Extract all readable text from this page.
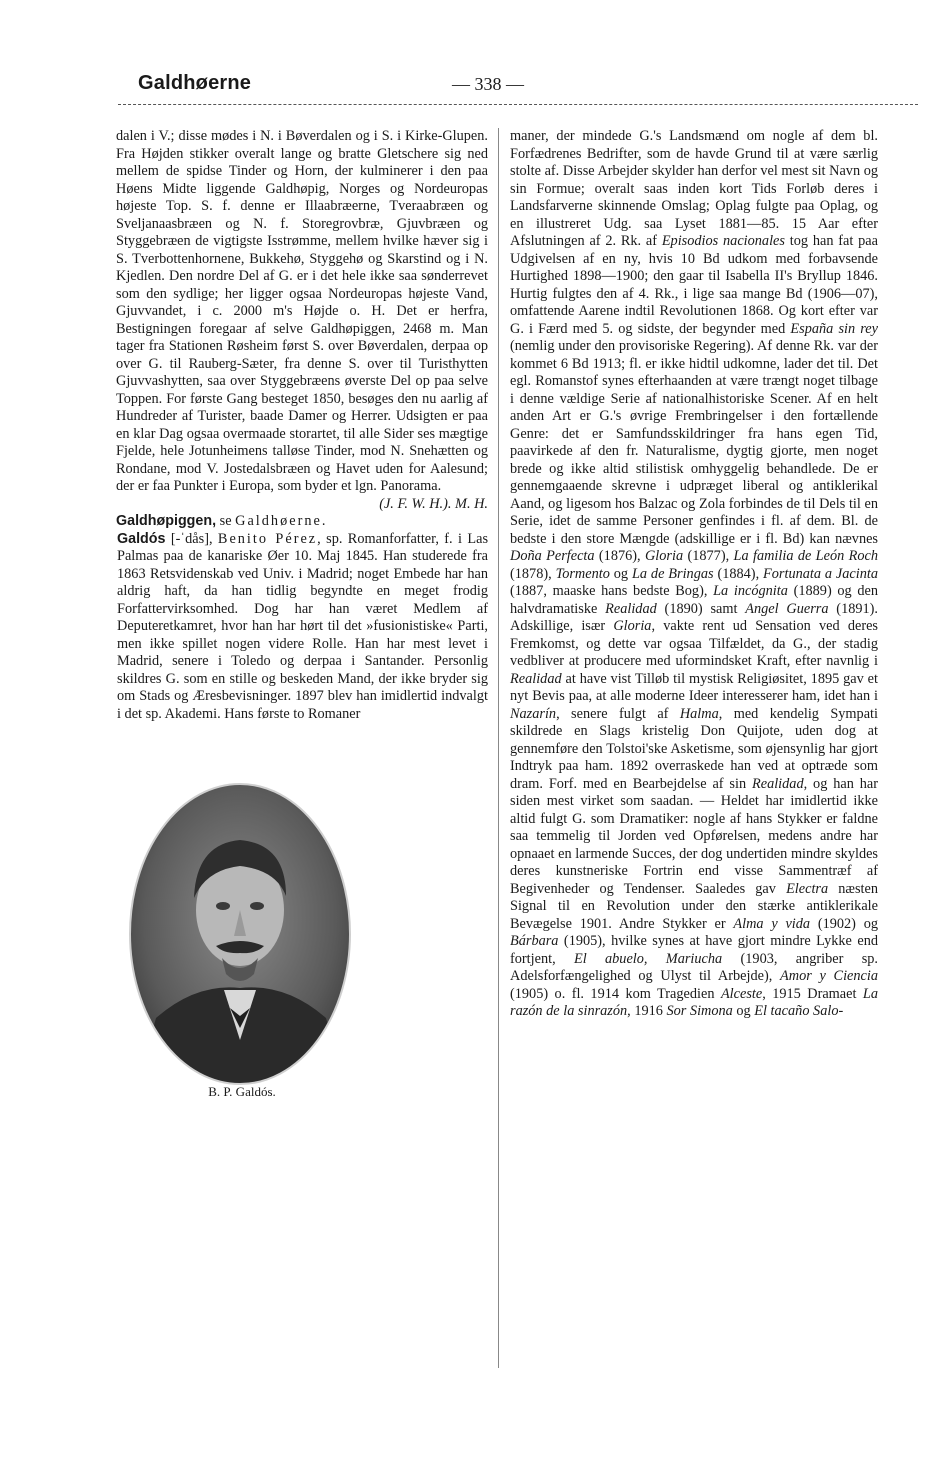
Galdhøerne	— 338 —

dalen i V.; disse mødes i N. i Bøverdalen og i S. i Kirke-Glupen. Fra Højden stikker overalt lange og bratte Gletschere sig ned mellem de spidse Tinder og Horn, der kulminerer i den paa Høens Midte liggende Galdhøpig, Norges og Nordeuropas højeste Top. S. f. denne er Illaabræerne, Tveraabræen og Sveljanaasbræen og N. f. Storegrovbræ, Gjuvbræen og Styggebræen de vigtigste Isstrømme, mellem hvilke hæver sig i S. Tverbottenhornene, Bukkehø, Styggehø og Skarstind og i N. Kjedlen. Den nordre Del af G. er i det hele ikke saa sønderrevet som den sydlige; her ligger ogsaa Nordeuropas højeste Vand, Gjuvvandet, i c. 2000 m's Højde o. H. Det er herfra, Bestigningen foregaar af selve Galdhøpiggen, 2468 m. Man tager fra Stationen Røsheim først S. over Bøverdalen, derpaa op over G. til Rauberg-Sæter, fra denne S. over til Turisthytten Gjuvvashytten, saa over Styggebræens øverste Del op paa selve Toppen. For første Gang besteget 1850, besøges den nu aarlig af Hundreder af Turister, baade Damer og Herrer. Udsigten er paa en klar Dag ogsaa overmaade storartet, til alle Sider ses mægtige Fjelde, hele Jotunheimens talløse Tinder, mod N. Snehætten og Rondane, mod V. Jostedalsbræen og Havet uden for Aalesund; der er faa Punkter i Europa, som byder et lgn. Panorama.

(J. F. W. H.). M. H.

Galdhøpiggen, se Galdhøerne.

Galdós [-ˈdås], Benito Pérez, sp. Romanforfatter, f. i Las Palmas paa de kanariske Øer 10. Maj 1845. Han studerede fra 1863 Retsvidenskab ved Univ. i Madrid; noget Embede har han aldrig haft, da han tidlig begyndte en meget frodig Forfattervirksomhed. Dog har han været Medlem af Deputeretkamret, hvor han har hørt til det »fusionistiske« Parti, men ikke spillet nogen videre Rolle. Han har mest levet i Madrid, senere i Toledo og derpaa i Santander. Personlig skildres G. som en stille og beskeden Mand, der ikke bryder sig om Stads og Æresbevisninger. 1897 blev han imidlertid indvalgt i det sp. Akademi. Hans første to Romaner

maner, der mindede G.'s Landsmænd om nogle af dem bl. Forfædrenes Bedrifter, som de havde Grund til at være særlig stolte af. Disse Arbejder skylder han derfor vel mest sit Navn og sin Formue; overalt saas inden kort Tids Forløb deres i Landsfarverne skinnende Omslag; Oplag fulgte paa Oplag, og en illustreret Udg. saa Lyset 1881—85. 15 Aar efter Afslutningen af 2. Rk. af Episodios nacionales tog han fat paa Udgivelsen af en ny, hvis 10 Bd udkom med forbavsende Hurtighed 1898—1900; den gaar til Isabella II's Bryllup 1846. Hurtig fulgtes den af 4. Rk., i lige saa mange Bd (1906—07), omfattende Aarene indtil Revolutionen 1868. Og kort efter var G. i Færd med 5. og sidste, der begynder med España sin rey (nemlig under den provisoriske Regering). Af denne Rk. var der kommet 6 Bd 1913; fl. er ikke hidtil udkomne, lader det til. Det egl. Romanstof synes efterhaanden at være trængt noget tilbage i denne vældige Serie af nationalhistoriske Scener. Af en helt anden Art er G.'s øvrige Frembringelser i den fortællende Genre: det er Samfundsskildringer fra hans egen Tid, paavirkede af den fr. Naturalisme, dygtig gjorte, men noget brede og ikke altid stilistisk omhyggelig behandlede. De er gennemgaaende skrevne i udpræget liberal og antiklerikal Aand, og ligesom hos Balzac og Zola forbindes de til Dels til en Serie, idet de samme Personer genfindes i fl. af dem. Bl. de bedste i den store Mængde (adskillige er i fl. Bd) kan nævnes Doña Perfecta (1876), Gloria (1877), La familia de León Roch (1878), Tormento og La de Bringas (1884), Fortunata a Jacinta (1887, maaske hans bedste Bog), La incógnita (1889) og den halvdramatiske Realidad (1890) samt Angel Guerra (1891). Adskillige, især Gloria, vakte rent ud Sensation ved deres Fremkomst, og dette var ogsaa Tilfældet, da G., der stadig vedbliver at producere med uformindsket Kraft, efter navnlig i Realidad at have vist Tilløb til mystisk Religiøsitet, 1895 gav et nyt Bevis paa, at alle moderne Ideer interesserer ham, idet han i Nazarín, senere fulgt af Halma, med kendelig Sympati skildrede en Slags kristelig Don Quijote, uden dog at gennemføre den Tolstoi'ske Asketisme, som øjensynlig har gjort Indtryk paa ham. 1892 overraskede han ved at optræde som dram. Forf. med en Bearbejdelse af sin Realidad, og han har siden mest virket som saadan. — Heldet har imidlertid ikke altid fulgt G. som Dramatiker: nogle af hans Stykker er faldne saa temmelig til Jorden ved Opførelsen, medens andre har opnaaet en larmende Succes, der dog undertiden mindre skyldes deres kunstneriske Fortrin end visse Sammentræf af Begivenheder og Tendenser. Saaledes gav Electra næsten Signal til en Revolution under den stærke antiklerikale Bevægelse 1901. Andre Stykker er Alma y vida (1902) og Bárbara (1905), hvilke synes at have gjort mindre Lykke end fortjent, El abuelo, Mariucha (1903, angriber sp. Adelsforfængelighed og Ulyst til Arbejde), Amor y Ciencia (1905) o. fl. 1914 kom Tragedien Alceste, 1915 Dramaet La razón de la sinrazón, 1916 Sor Simona og El tacaño Salo-

B. P. Galdós.
